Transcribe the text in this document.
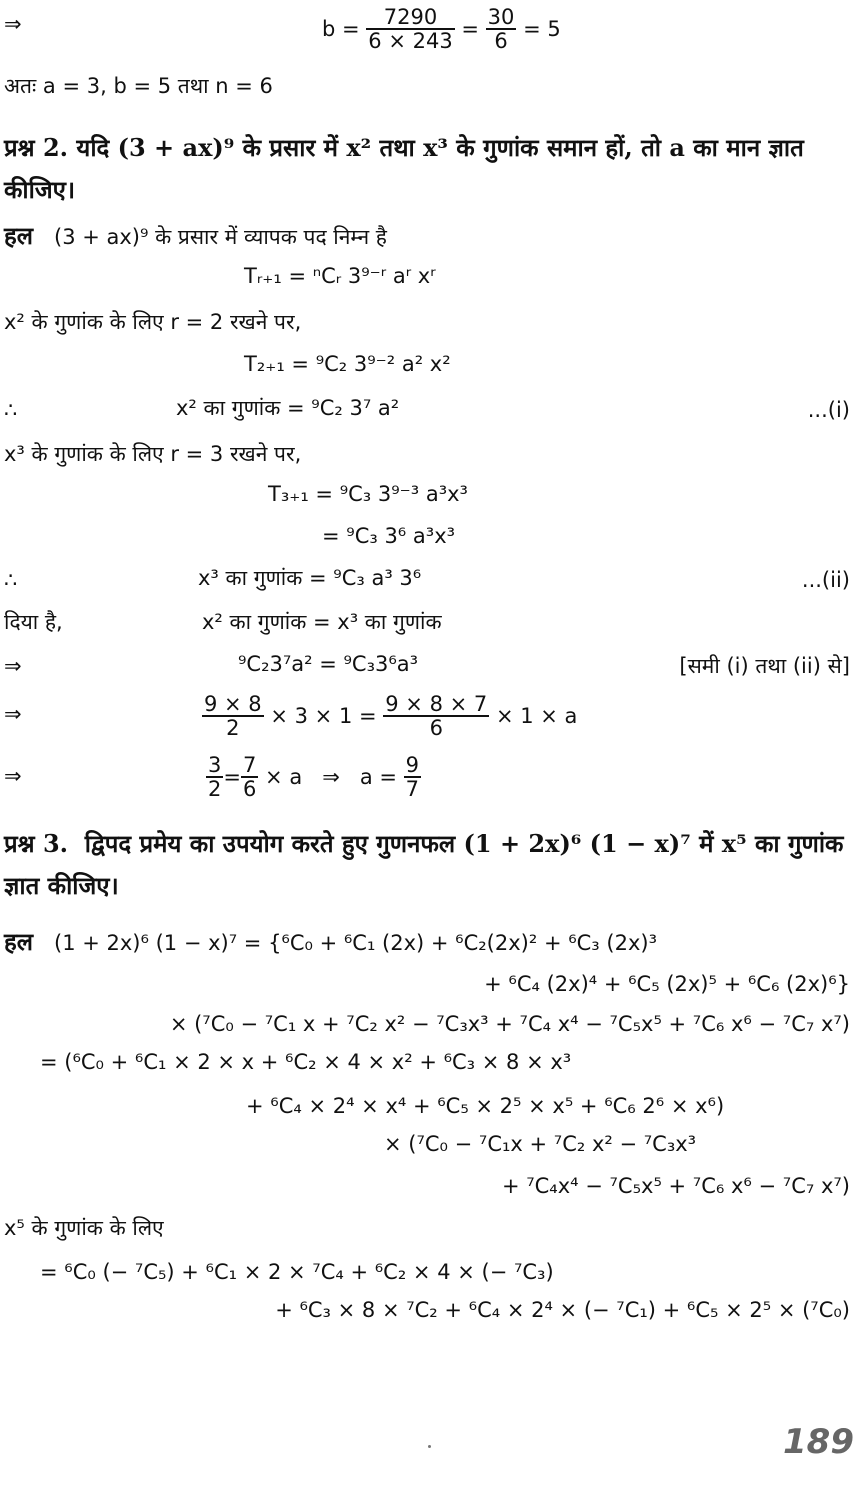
⇒	b =
$\frac{7290}{6 \times 243}$
=
$\frac{30}{6}$
= 5
अतः a = 3, b = 5 तथा n = 6
प्रश्न 2. यदि (3 + ax)⁹ के प्रसार में x² तथा x³ के गुणांक समान हों, तो a का मान ज्ञात
कीजिए।
हल (3 + ax)⁹ के प्रसार में व्यापक पद निम्न है
Tᵣ₊₁ = ⁿCᵣ 3⁹⁻ʳ aʳ xʳ
x² के गुणांक के लिए r = 2 रखने पर,
T₂₊₁ = ⁹C₂ 3⁹⁻² a² x²
∴	x² का गुणांक = ⁹C₂ 3⁷ a²	...(i)
x³ के गुणांक के लिए r = 3 रखने पर,
T₃₊₁ = ⁹C₃ 3⁹⁻³ a³x³
= ⁹C₃ 3⁶ a³x³
∴	x³ का गुणांक = ⁹C₃ a³ 3⁶	...(ii)
दिया है,	x² का गुणांक = x³ का गुणांक
⇒	⁹C₂3⁷a² = ⁹C₃3⁶a³	[समी (i) तथा (ii) से]
⇒	$\frac{9 \times 8}{2}$
× 3 × 1 =
$\frac{9 \times 8 \times 7}{6}$
× 1 × a
⇒	$\frac{3}{2} = \frac{7}{6}$
× a   ⇒   a =
$\frac{9}{7}$
प्रश्न 3. द्विपद प्रमेय का उपयोग करते हुए गुणनफल (1 + 2x)⁶ (1 − x)⁷ में x⁵ का गुणांक
ज्ञात कीजिए।
हल (1 + 2x)⁶ (1 − x)⁷ = {⁶C₀ + ⁶C₁ (2x) + ⁶C₂(2x)² + ⁶C₃ (2x)³
+ ⁶C₄ (2x)⁴ + ⁶C₅ (2x)⁵ + ⁶C₆ (2x)⁶}
× (⁷C₀ − ⁷C₁ x + ⁷C₂ x² − ⁷C₃x³ + ⁷C₄ x⁴ − ⁷C₅x⁵ + ⁷C₆ x⁶ − ⁷C₇ x⁷)
= (⁶C₀ + ⁶C₁ × 2 × x + ⁶C₂ × 4 × x² + ⁶C₃ × 8 × x³
+ ⁶C₄ × 2⁴ × x⁴ + ⁶C₅ × 2⁵ × x⁵ + ⁶C₆ 2⁶ × x⁶)
× (⁷C₀ − ⁷C₁x + ⁷C₂ x² − ⁷C₃x³
+ ⁷C₄x⁴ − ⁷C₅x⁵ + ⁷C₆ x⁶ − ⁷C₇ x⁷)
x⁵ के गुणांक के लिए
= ⁶C₀ (− ⁷C₅) + ⁶C₁ × 2 × ⁷C₄ + ⁶C₂ × 4 × (− ⁷C₃)
+ ⁶C₃ × 8 × ⁷C₂ + ⁶C₄ × 2⁴ × (− ⁷C₁) + ⁶C₅ × 2⁵ × (⁷C₀)
189
